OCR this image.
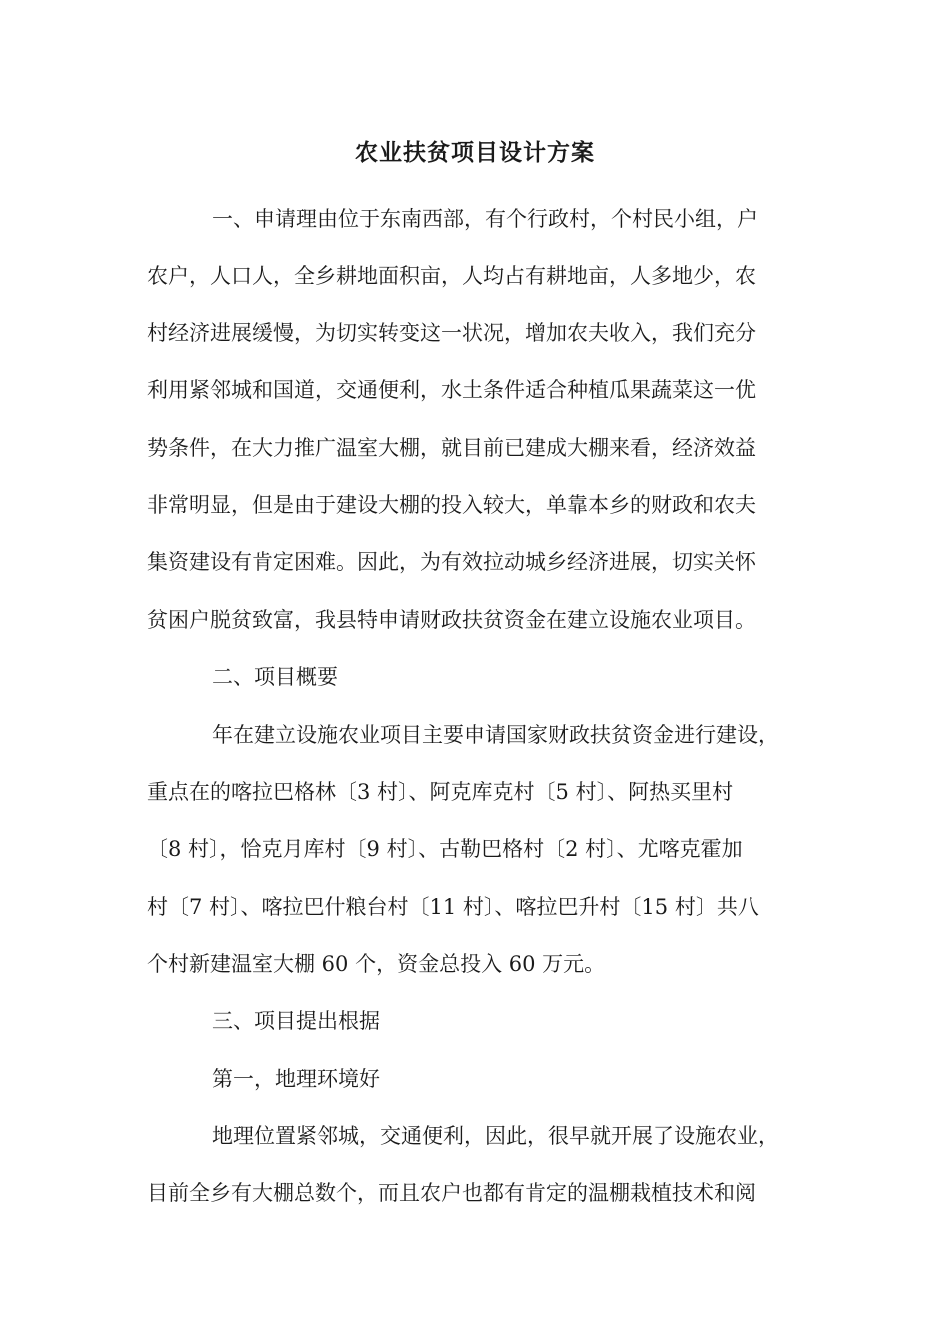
农业扶贫项目设计方案
一、申请理由位于东南西部，有个行政村，个村民小组，户
农户，人口人，全乡耕地面积亩，人均占有耕地亩，人多地少，农
村经济进展缓慢，为切实转变这一状况，增加农夫收入，我们充分
利用紧邻城和国道，交通便利，水土条件适合种植瓜果蔬菜这一优
势条件，在大力推广温室大棚，就目前已建成大棚来看，经济效益
非常明显，但是由于建设大棚的投入较大，单靠本乡的财政和农夫
集资建设有肯定困难。因此，为有效拉动城乡经济进展，切实关怀
贫困户脱贫致富，我县特申请财政扶贫资金在建立设施农业项目。
二、项目概要
年在建立设施农业项目主要申请国家财政扶贫资金进行建设，
重点在的喀拉巴格林〔3 村〕、阿克库克村〔5 村〕、阿热买里村
〔8 村〕，恰克月库村〔9 村〕、古勒巴格村〔2 村〕、尤喀克霍加
村〔7 村〕、喀拉巴什粮台村〔11 村〕、喀拉巴升村〔15 村〕共八
个村新建温室大棚 60 个，资金总投入 60 万元。
三、项目提出根据
第一，地理环境好
地理位置紧邻城，交通便利，因此，很早就开展了设施农业，
目前全乡有大棚总数个，而且农户也都有肯定的温棚栽植技术和阅
